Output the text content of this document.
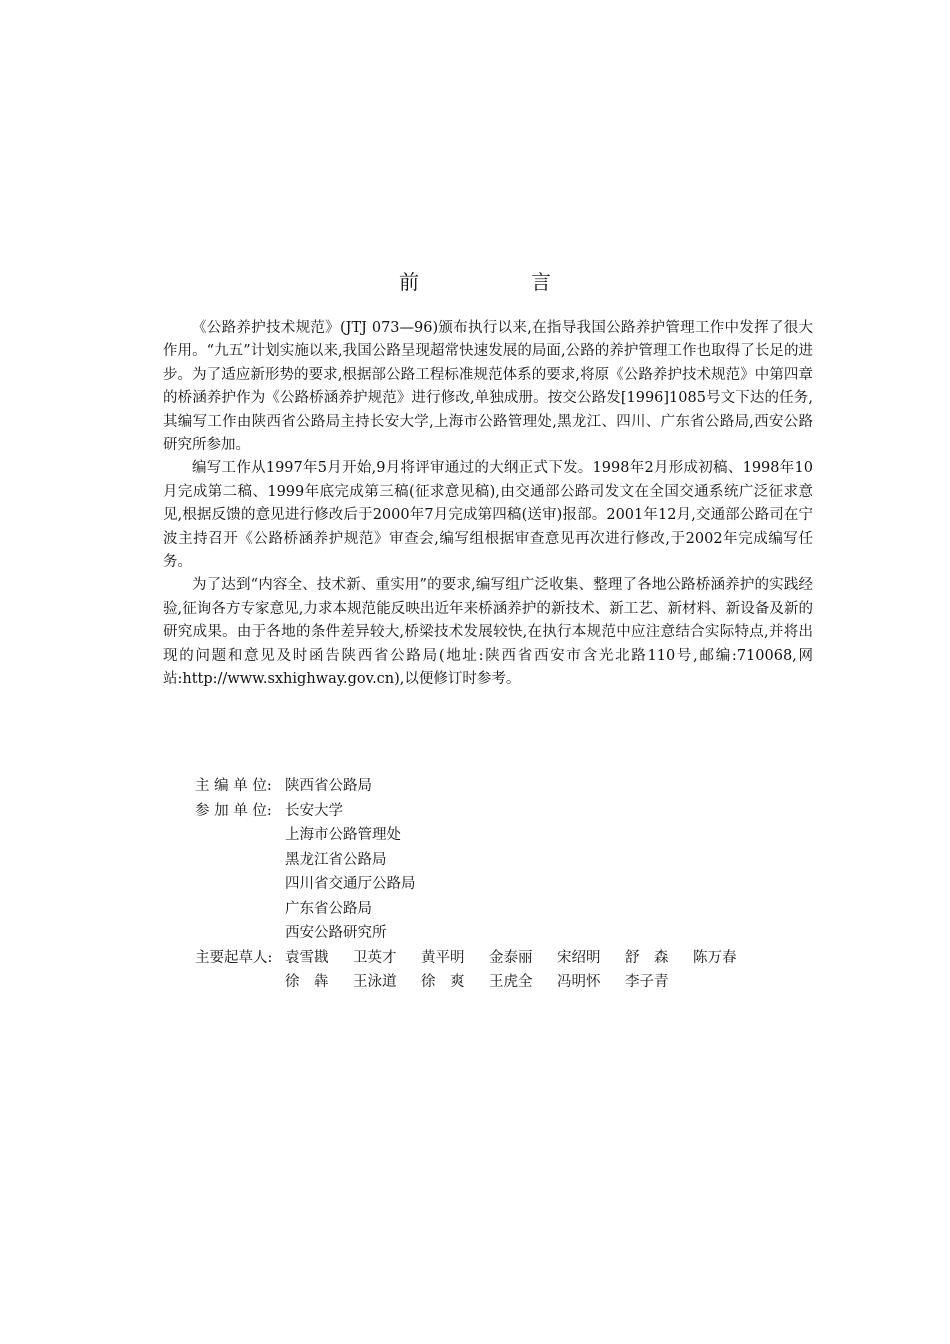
前　言

《公路养护技术规范》(JTJ 073—96)颁布执行以来,在指导我国公路养护管理工作中发挥了很大作用。“九五”计划实施以来,我国公路呈现超常快速发展的局面,公路的养护管理工作也取得了长足的进步。为了适应新形势的要求,根据部公路工程标准规范体系的要求,将原《公路养护技术规范》中第四章的桥涵养护作为《公路桥涵养护规范》进行修改,单独成册。按交公路发[1996]1085号文下达的任务,其编写工作由陕西省公路局主持长安大学,上海市公路管理处,黑龙江、四川、广东省公路局,西安公路研究所参加。

编写工作从1997年5月开始,9月将评审通过的大纲正式下发。1998年2月形成初稿、1998年10月完成第二稿、1999年底完成第三稿(征求意见稿),由交通部公路司发文在全国交通系统广泛征求意见,根据反馈的意见进行修改后于2000年7月完成第四稿(送审)报部。2001年12月,交通部公路司在宁波主持召开《公路桥涵养护规范》审查会,编写组根据审查意见再次进行修改,于2002年完成编写任务。

为了达到“内容全、技术新、重实用”的要求,编写组广泛收集、整理了各地公路桥涵养护的实践经验,征询各方专家意见,力求本规范能反映出近年来桥涵养护的新技术、新工艺、新材料、新设备及新的研究成果。由于各地的条件差异较大,桥梁技术发展较快,在执行本规范中应注意结合实际特点,并将出现的问题和意见及时函告陕西省公路局(地址:陕西省西安市含光北路110号,邮编:710068,网站:http://www.sxhighway.gov.cn),以便修订时参考。

主 编 单 位: 陕西省公路局
参 加 单 位: 长安大学
上海市公路管理处
黑龙江省公路局
四川省交通厅公路局
广东省公路局
西安公路研究所
主要起草人: 袁雪戡	卫英才	黄平明	金泰丽	宋绍明	舒　森	陈万春
徐　犇	王泳道	徐　爽	王虎全	冯明怀	李子青
